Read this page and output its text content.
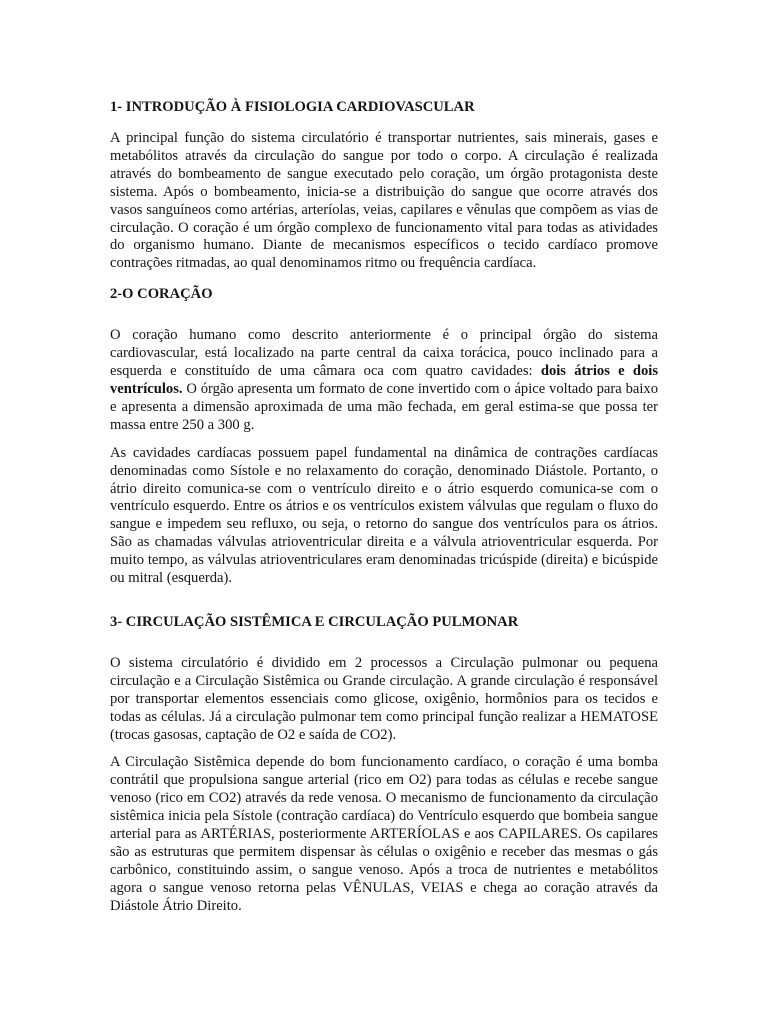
1- INTRODUÇÃO À FISIOLOGIA CARDIOVASCULAR

A principal função do sistema circulatório é transportar nutrientes, sais minerais, gases e metabólitos através da circulação do sangue por todo o corpo. A circulação é realizada através do bombeamento de sangue executado pelo coração, um órgão protagonista deste sistema. Após o bombeamento, inicia-se a distribuição do sangue que ocorre através dos vasos sanguíneos como artérias, arteríolas, veias, capilares e vênulas que compõem as vias de circulação. O coração é um órgão complexo de funcionamento vital para todas as atividades do organismo humano. Diante de mecanismos específicos o tecido cardíaco promove contrações ritmadas, ao qual denominamos ritmo ou frequência cardíaca.

2-O CORAÇÃO

O coração humano como descrito anteriormente é o principal órgão do sistema cardiovascular, está localizado na parte central da caixa torácica, pouco inclinado para a esquerda e constituído de uma câmara oca com quatro cavidades: dois átrios e dois ventrículos. O órgão apresenta um formato de cone invertido com o ápice voltado para baixo e apresenta a dimensão aproximada de uma mão fechada, em geral estima-se que possa ter massa entre 250 a 300 g.

As cavidades cardíacas possuem papel fundamental na dinâmica de contrações cardíacas denominadas como Sístole e no relaxamento do coração, denominado Diástole. Portanto, o átrio direito comunica-se com o ventrículo direito e o átrio esquerdo comunica-se com o ventrículo esquerdo. Entre os átrios e os ventrículos existem válvulas que regulam o fluxo do sangue e impedem seu refluxo, ou seja, o retorno do sangue dos ventrículos para os átrios. São as chamadas válvulas atrioventricular direita e a válvula atrioventricular esquerda. Por muito tempo, as válvulas atrioventriculares eram denominadas tricúspide (direita) e bicúspide ou mitral (esquerda).

3- CIRCULAÇÃO SISTÊMICA E CIRCULAÇÃO PULMONAR

O sistema circulatório é dividido em 2 processos a Circulação pulmonar ou pequena circulação e a Circulação Sistêmica ou Grande circulação. A grande circulação é responsável por transportar elementos essenciais como glicose, oxigênio, hormônios para os tecidos e todas as células. Já a circulação pulmonar tem como principal função realizar a HEMATOSE (trocas gasosas, captação de O2 e saída de CO2).

A Circulação Sistêmica depende do bom funcionamento cardíaco, o coração é uma bomba contrátil que propulsiona sangue arterial (rico em O2) para todas as células e recebe sangue venoso (rico em CO2) através da rede venosa. O mecanismo de funcionamento da circulação sistêmica inicia pela Sístole (contração cardíaca) do Ventrículo esquerdo que bombeia sangue arterial para as ARTÉRIAS, posteriormente ARTERÍOLAS e aos CAPILARES. Os capilares são as estruturas que permitem dispensar às células o oxigênio e receber das mesmas o gás carbônico, constituindo assim, o sangue venoso. Após a troca de nutrientes e metabólitos agora o sangue venoso retorna pelas VÊNULAS, VEIAS e chega ao coração através da Diástole Átrio Direito.
